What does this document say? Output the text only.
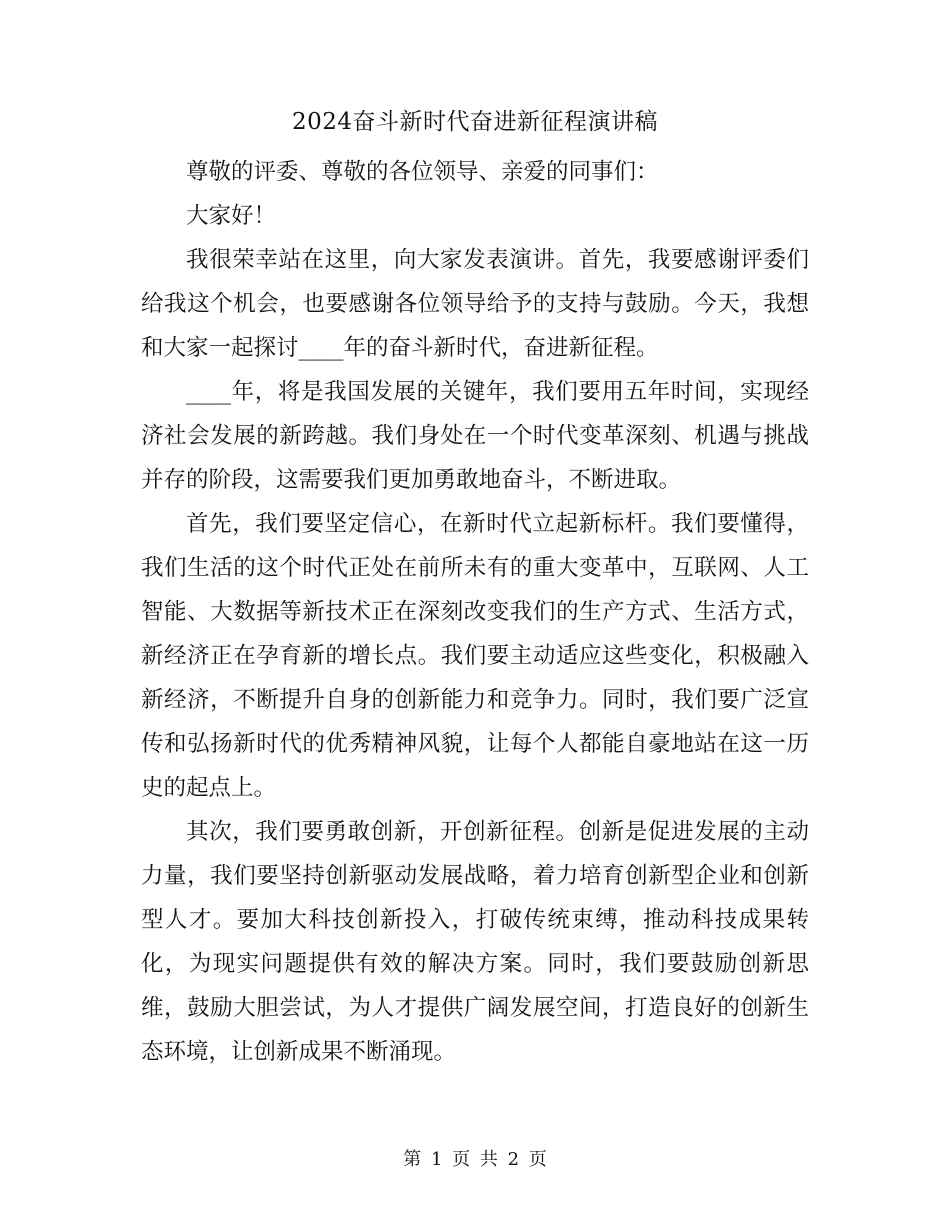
2024奋斗新时代奋进新征程演讲稿

尊敬的评委、尊敬的各位领导、亲爱的同事们：

大家好！

我很荣幸站在这里，向大家发表演讲。首先，我要感谢评委们给我这个机会，也要感谢各位领导给予的支持与鼓励。今天，我想和大家一起探讨____年的奋斗新时代，奋进新征程。

____年，将是我国发展的关键年，我们要用五年时间，实现经济社会发展的新跨越。我们身处在一个时代变革深刻、机遇与挑战并存的阶段，这需要我们更加勇敢地奋斗，不断进取。

首先，我们要坚定信心，在新时代立起新标杆。我们要懂得，我们生活的这个时代正处在前所未有的重大变革中，互联网、人工智能、大数据等新技术正在深刻改变我们的生产方式、生活方式，新经济正在孕育新的增长点。我们要主动适应这些变化，积极融入新经济，不断提升自身的创新能力和竞争力。同时，我们要广泛宣传和弘扬新时代的优秀精神风貌，让每个人都能自豪地站在这一历史的起点上。

其次，我们要勇敢创新，开创新征程。创新是促进发展的主动力量，我们要坚持创新驱动发展战略，着力培育创新型企业和创新型人才。要加大科技创新投入，打破传统束缚，推动科技成果转化，为现实问题提供有效的解决方案。同时，我们要鼓励创新思维，鼓励大胆尝试，为人才提供广阔发展空间，打造良好的创新生态环境，让创新成果不断涌现。

第 1 页 共 2 页
